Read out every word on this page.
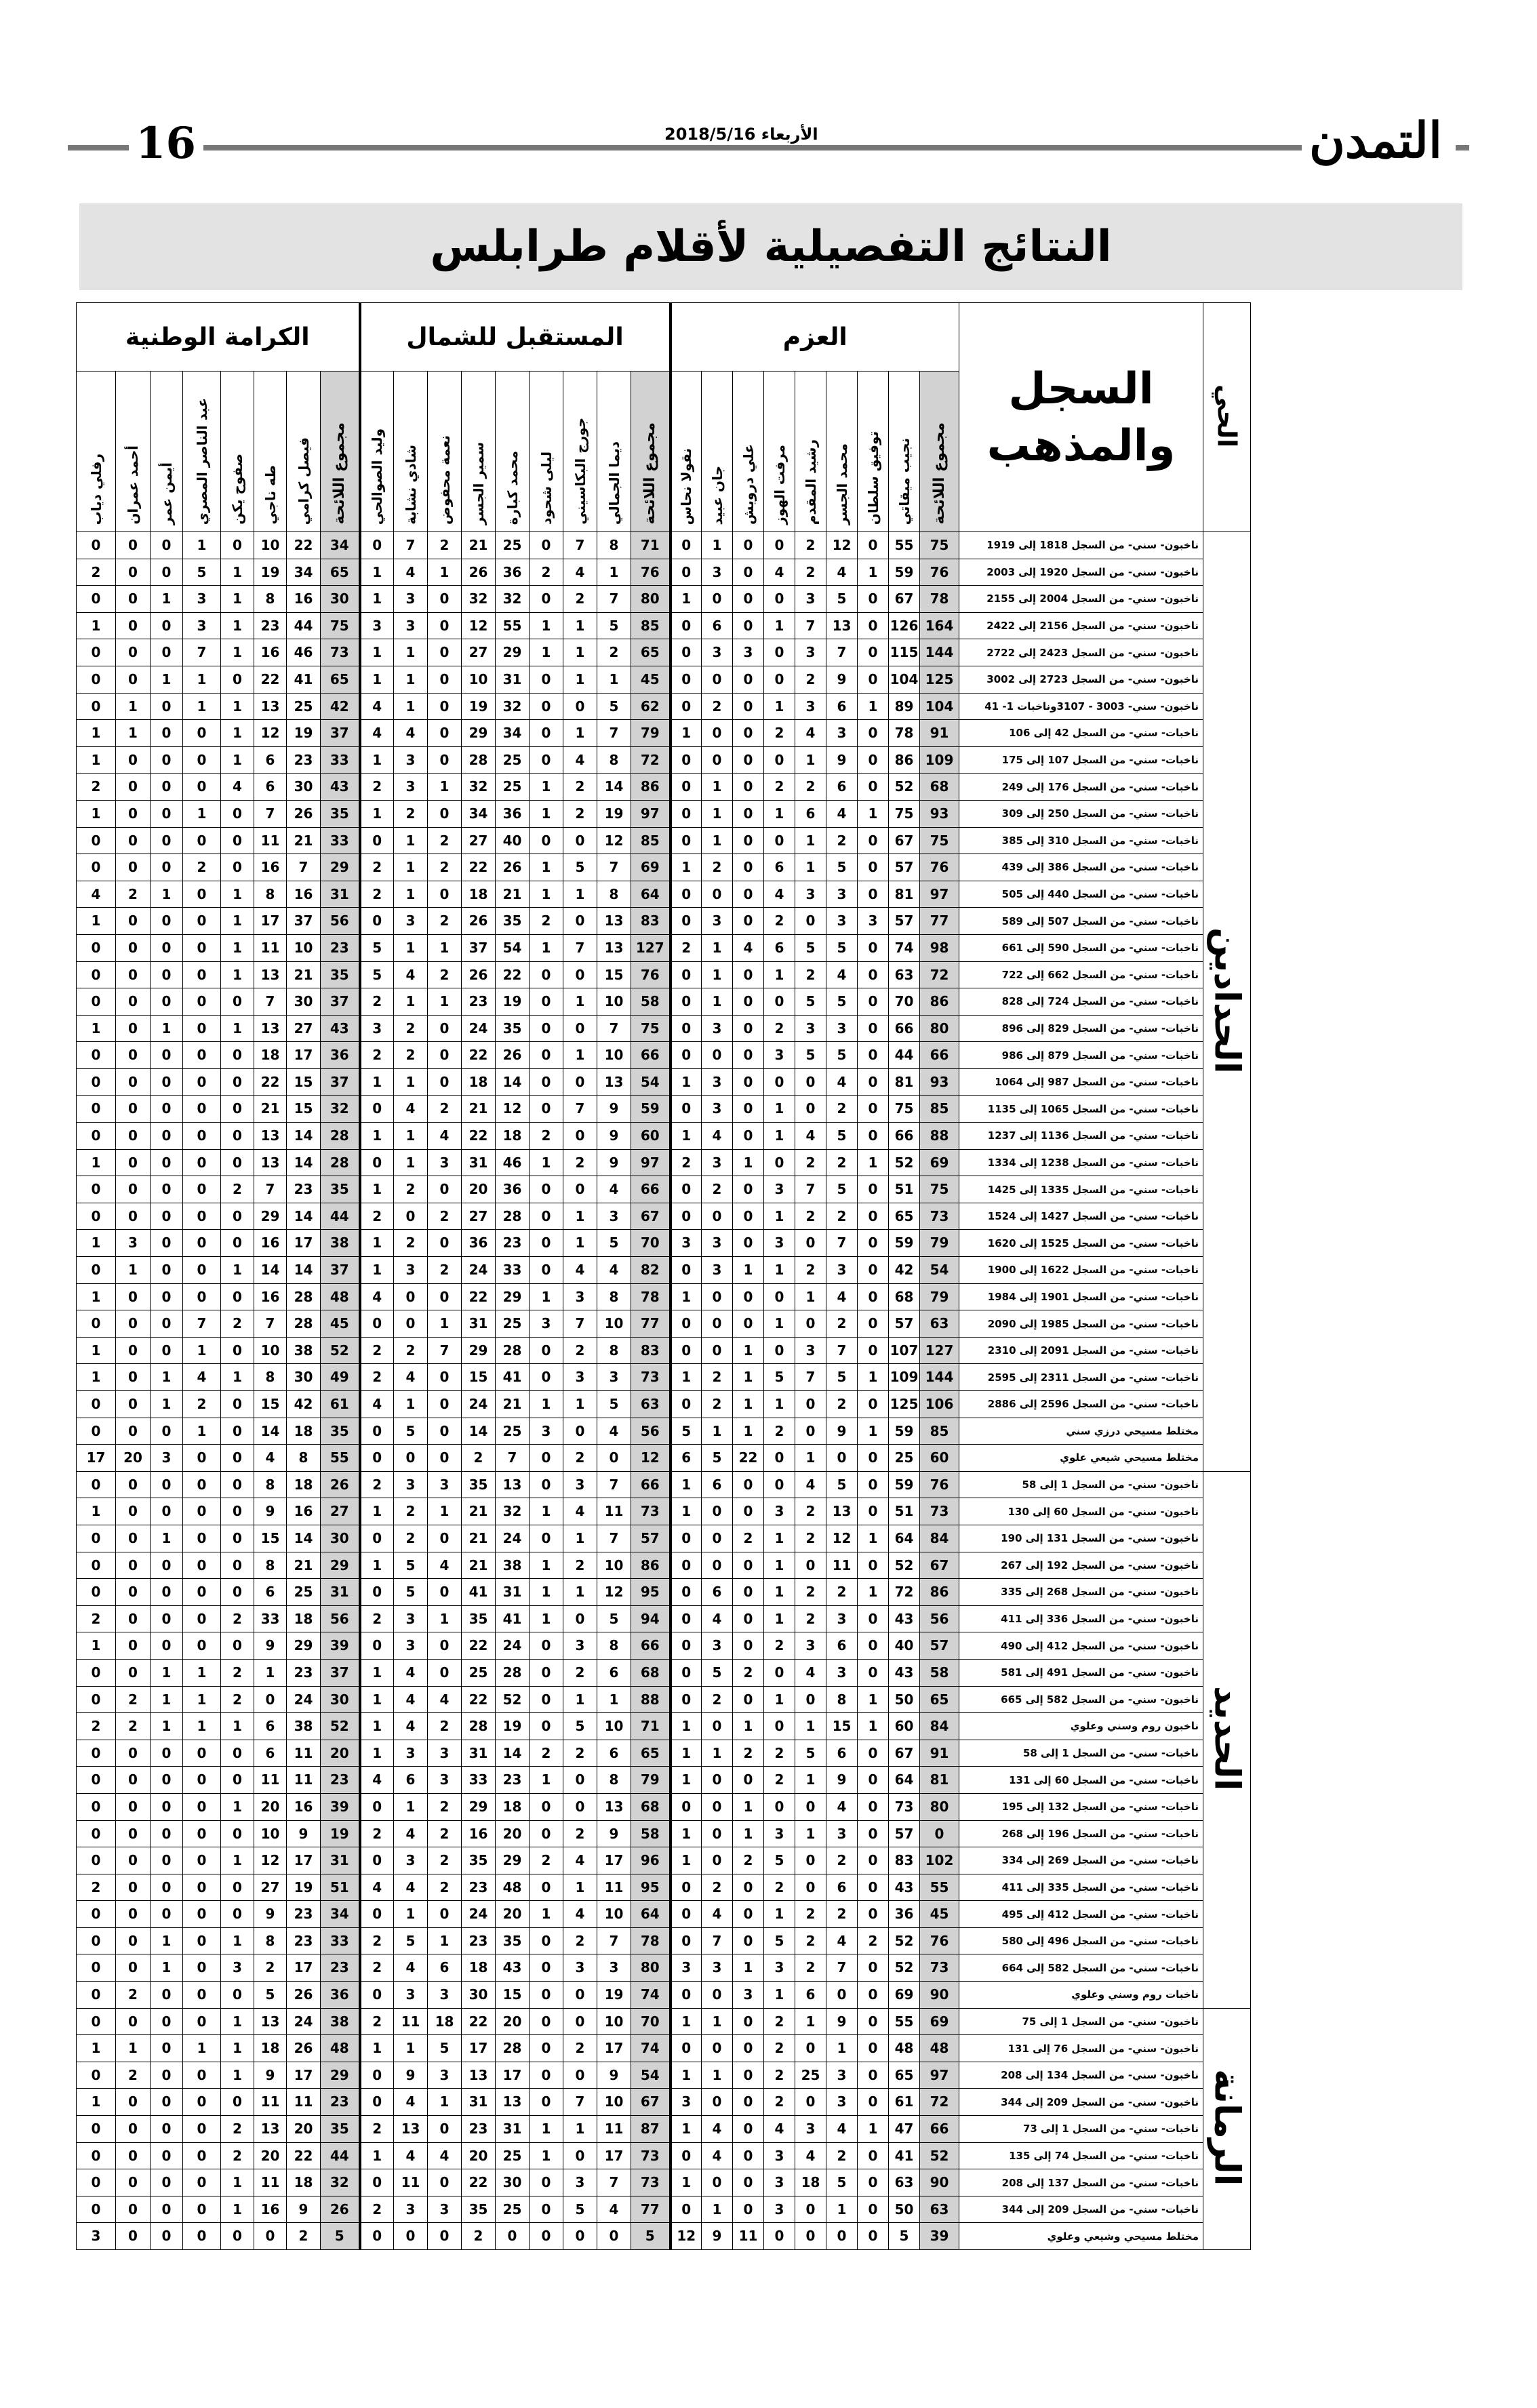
16	الأربعاء 2018/5/16	التمدن
النتائج التفصيلية لأقلام طرابلس
الكرامة الوطنية								المستقبل للشمال									العزم									السجل والمذهب	الحي
رفلي دياب	أحمد عمران	أيمن عمر	عبد الناصر المصري	صفوح يكن	طه ناجي	فيصل كرامي	مجموع اللائحة	وليد الصوالحي	شادي نشابة	نعمة محفوض	سمير الجسر	محمد كبارة	ليلى شحود	جورج البكاسيني	ديما الجمالي	مجموع اللائحة	نقولا نحاس	جان عبيد	علي درويش	مرفت الهوز	رشيد المقدم	محمد الجسر	توفيق سلطان	نجيب ميقاتي	مجموع اللائحة		
0	0	0	1	0	10	22	34	0	7	2	21	25	0	7	8	71	0	1	0	0	2	12	0	55	75	ناخبون- سني- من السجل 1818 إلى 1919	الحدادين
2	0	0	5	1	19	34	65	1	4	1	26	36	2	4	1	76	0	3	0	4	2	4	1	59	76	ناخبون- سني- من السجل 1920 إلى 2003	
0	0	1	3	1	8	16	30	1	3	0	32	32	0	2	7	80	1	0	0	0	3	5	0	67	78	ناخبون- سني- من السجل 2004 إلى 2155	
1	0	0	3	1	23	44	75	3	3	0	12	55	1	1	5	85	0	6	0	1	7	13	0	126	164	ناخبون- سني- من السجل 2156 إلى 2422	
0	0	0	7	1	16	46	73	1	1	0	27	29	1	1	2	65	0	3	3	0	3	7	0	115	144	ناخبون- سني- من السجل 2423 إلى 2722	
0	0	1	1	0	22	41	65	1	1	0	10	31	0	1	1	45	0	0	0	0	2	9	0	104	125	ناخبون- سني- من السجل 2723 إلى 3002	
0	1	0	1	1	13	25	42	4	1	0	19	32	0	0	5	62	0	2	0	1	3	6	1	89	104	ناخبون- سني- 3003 - 3107وناخبات 1- 41	
1	1	0	0	1	12	19	37	4	4	0	29	34	0	1	7	79	1	0	0	2	4	3	0	78	91	ناخبات- سني- من السجل 42 إلى 106	
1	0	0	0	1	6	23	33	1	3	0	28	25	0	4	8	72	0	0	0	0	1	9	0	86	109	ناخبات- سني- من السجل 107 إلى 175	
2	0	0	0	4	6	30	43	2	3	1	32	25	1	2	14	86	0	1	0	2	2	6	0	52	68	ناخبات- سني- من السجل 176 إلى 249	
1	0	0	1	0	7	26	35	1	2	0	34	36	1	2	19	97	0	1	0	1	6	4	1	75	93	ناخبات- سني- من السجل 250 إلى 309	
0	0	0	0	0	11	21	33	0	1	2	27	40	0	0	12	85	0	1	0	0	1	2	0	67	75	ناخبات- سني- من السجل 310 إلى 385	
0	0	0	2	0	16	7	29	2	1	2	22	26	1	5	7	69	1	2	0	6	1	5	0	57	76	ناخبات- سني- من السجل 386 إلى 439	
4	2	1	0	1	8	16	31	2	1	0	18	21	1	1	8	64	0	0	0	4	3	3	0	81	97	ناخبات- سني- من السجل 440 إلى 505	
1	0	0	0	1	17	37	56	0	3	2	26	35	2	0	13	83	0	3	0	2	0	3	3	57	77	ناخبات- سني- من السجل 507 إلى 589	
0	0	0	0	1	11	10	23	5	1	1	37	54	1	7	13	127	2	1	4	6	5	5	0	74	98	ناخبات- سني- من السجل 590 إلى 661	
0	0	0	0	1	13	21	35	5	4	2	26	22	0	0	15	76	0	1	0	1	2	4	0	63	72	ناخبات- سني- من السجل 662 إلى 722	
0	0	0	0	0	7	30	37	2	1	1	23	19	0	1	10	58	0	1	0	0	5	5	0	70	86	ناخبات- سني- من السجل 724 إلى 828	
1	0	1	0	1	13	27	43	3	2	0	24	35	0	0	7	75	0	3	0	2	3	3	0	66	80	ناخبات- سني- من السجل 829 إلى 896	
0	0	0	0	0	18	17	36	2	2	0	22	26	0	1	10	66	0	0	0	3	5	5	0	44	66	ناخبات- سني- من السجل 879 إلى 986	
0	0	0	0	0	22	15	37	1	1	0	18	14	0	0	13	54	1	3	0	0	0	4	0	81	93	ناخبات- سني- من السجل 987 إلى 1064	
0	0	0	0	0	21	15	32	0	4	2	21	12	0	7	9	59	0	3	0	1	0	2	0	75	85	ناخبات- سني- من السجل 1065 إلى 1135	
0	0	0	0	0	13	14	28	1	1	4	22	18	2	0	9	60	1	4	0	1	4	5	0	66	88	ناخبات- سني- من السجل 1136 إلى 1237	
1	0	0	0	0	13	14	28	0	1	3	31	46	1	2	9	97	2	3	1	0	2	2	1	52	69	ناخبات- سني- من السجل 1238 إلى 1334	
0	0	0	0	2	7	23	35	1	2	0	20	36	0	0	4	66	0	2	0	3	7	5	0	51	75	ناخبات- سني- من السجل 1335 إلى 1425	
0	0	0	0	0	29	14	44	2	0	2	27	28	0	1	3	67	0	0	0	1	2	2	0	65	73	ناخبات- سني- من السجل 1427 إلى 1524	
1	3	0	0	0	16	17	38	1	2	0	36	23	0	1	5	70	3	3	0	3	0	7	0	59	79	ناخبات- سني- من السجل 1525 إلى 1620	
0	1	0	0	1	14	14	37	1	3	2	24	33	0	4	4	82	0	3	1	1	2	3	0	42	54	ناخبات- سني- من السجل 1622 إلى 1900	
1	0	0	0	0	16	28	48	4	0	0	22	29	1	3	8	78	1	0	0	0	1	4	0	68	79	ناخبات- سني- من السجل 1901 إلى 1984	
0	0	0	7	2	7	28	45	0	0	1	31	25	3	7	10	77	0	0	0	1	0	2	0	57	63	ناخبات- سني- من السجل 1985 إلى 2090	
1	0	0	1	0	10	38	52	2	2	7	29	28	0	2	8	83	0	0	1	0	3	7	0	107	127	ناخبات- سني- من السجل 2091 إلى 2310	
1	0	1	4	1	8	30	49	2	4	0	15	41	0	3	3	73	1	2	1	5	7	5	1	109	144	ناخبات- سني- من السجل 2311 إلى 2595	
0	0	1	2	0	15	42	61	4	1	0	24	21	1	1	5	63	0	2	1	1	0	2	0	125	106	ناخبات- سني- من السجل 2596 إلى 2886	
0	0	0	1	0	14	18	35	0	5	0	14	25	3	0	4	56	5	1	1	2	0	9	1	59	85	مختلط مسيحي درزي سني	
17	20	3	0	0	4	8	55	0	0	0	2	7	0	2	0	12	6	5	22	0	1	0	0	25	60	مختلط مسيحي شيعي علوي	
0	0	0	0	0	8	18	26	2	3	3	35	13	0	3	7	66	1	6	0	0	4	5	0	59	76	ناخبون- سني- من السجل 1 إلى 58	الحديد
1	0	0	0	0	9	16	27	1	2	1	21	32	1	4	11	73	1	0	0	3	2	13	0	51	73	ناخبون- سني- من السجل 60 إلى 130	
0	0	1	0	0	15	14	30	0	2	0	21	24	0	1	7	57	0	0	2	1	2	12	1	64	84	ناخبون- سني- من السجل 131 إلى 190	
0	0	0	0	0	8	21	29	1	5	4	21	38	1	2	10	86	0	0	0	1	0	11	0	52	67	ناخبون- سني- من السجل 192 إلى 267	
0	0	0	0	0	6	25	31	0	5	0	41	31	1	1	12	95	0	6	0	1	2	2	1	72	86	ناخبون- سني- من السجل 268 إلى 335	
2	0	0	0	2	33	18	56	2	3	1	35	41	1	0	5	94	0	4	0	1	2	3	0	43	56	ناخبون- سني- من السجل 336 إلى 411	
1	0	0	0	0	9	29	39	0	3	0	22	24	0	3	8	66	0	3	0	2	3	6	0	40	57	ناخبون- سني- من السجل 412 إلى 490	
0	0	1	1	2	1	23	37	1	4	0	25	28	0	2	6	68	0	5	2	0	4	3	0	43	58	ناخبون- سني- من السجل 491 إلى 581	
0	2	1	1	2	0	24	30	1	4	4	22	52	0	1	1	88	0	2	0	1	0	8	1	50	65	ناخبون- سني- من السجل 582 إلى 665	
2	2	1	1	1	6	38	52	1	4	2	28	19	0	5	10	71	1	0	1	0	1	15	1	60	84	ناخبون روم وسني وعلوي	
0	0	0	0	0	6	11	20	1	3	3	31	14	2	2	6	65	1	1	2	2	5	6	0	67	91	ناخبات- سني- من السجل 1 إلى 58	
0	0	0	0	0	11	11	23	4	6	3	33	23	1	0	8	79	1	0	0	2	1	9	0	64	81	ناخبات- سني- من السجل 60 إلى 131	
0	0	0	0	1	20	16	39	0	1	2	29	18	0	0	13	68	0	0	1	0	0	4	0	73	80	ناخبات- سني- من السجل 132 إلى 195	
0	0	0	0	0	10	9	19	2	4	2	16	20	0	2	9	58	1	0	1	3	1	3	0	57	0	ناخبات- سني- من السجل 196 إلى 268	
0	0	0	0	1	12	17	31	0	3	2	35	29	2	4	17	96	1	0	2	5	0	2	0	83	102	ناخبات- سني- من السجل 269 إلى 334	
2	0	0	0	0	27	19	51	4	4	2	23	48	0	1	11	95	0	2	0	2	0	6	0	43	55	ناخبات- سني- من السجل 335 إلى 411	
0	0	0	0	0	9	23	34	0	1	0	24	20	1	4	10	64	0	4	0	1	2	2	0	36	45	ناخبات- سني- من السجل 412 إلى 495	
0	0	1	0	1	8	23	33	2	5	1	23	35	0	2	7	78	0	7	0	5	2	4	2	52	76	ناخبات- سني- من السجل 496 إلى 580	
0	0	1	0	3	2	17	23	2	4	6	18	43	0	3	3	80	3	3	1	3	2	7	0	52	73	ناخبات- سني- من السجل 582 إلى 664	
0	2	0	0	0	5	26	36	0	3	3	30	15	0	0	19	74	0	0	3	1	6	0	0	69	90	ناخبات روم وسني وعلوي	
0	0	0	0	1	13	24	38	2	11	18	22	20	0	0	10	70	1	1	0	2	1	9	0	55	69	ناخبون- سني- من السجل 1 إلى 75	الرمانة
1	1	0	1	1	18	26	48	1	1	5	17	28	0	2	17	74	0	0	0	2	0	1	0	48	48	ناخبون- سني- من السجل 76 إلى 131	
0	2	0	0	1	9	17	29	0	9	3	13	17	0	0	9	54	1	1	0	2	25	3	0	65	97	ناخبون- سني- من السجل 134 إلى 208	
1	0	0	0	0	11	11	23	0	4	1	31	13	0	7	10	67	3	0	0	2	0	3	0	61	72	ناخبون- سني- من السجل 209 إلى 344	
0	0	0	0	2	13	20	35	2	13	0	23	31	1	1	11	87	1	4	0	4	3	4	1	47	66	ناخبات- سني- من السجل 1 إلى 73	
0	0	0	0	2	20	22	44	1	4	4	20	25	1	0	17	73	0	4	0	3	4	2	0	41	52	ناخبات- سني- من السجل 74 إلى 135	
0	0	0	0	1	11	18	32	0	11	0	22	30	0	3	7	73	1	0	0	3	18	5	0	63	90	ناخبات- سني- من السجل 137 إلى 208	
0	0	0	0	1	16	9	26	2	3	3	35	25	0	5	4	77	0	1	0	3	0	1	0	50	63	ناخبات- سني- من السجل 209 إلى 344	
3	0	0	0	0	0	2	5	0	0	0	2	0	0	0	0	5	12	9	11	0	0	0	0	5	39	مختلط مسيحي وشيعي وعلوي	
